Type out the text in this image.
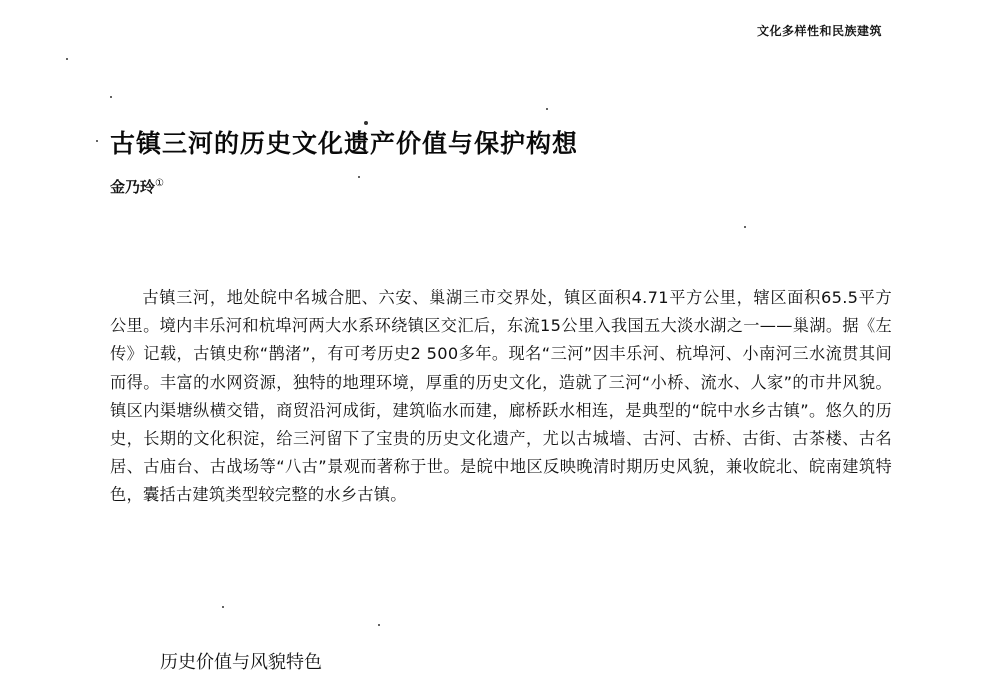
文化多样性和民族建筑
古镇三河的历史文化遗产价值与保护构想
金乃玲①

古镇三河，地处皖中名城合肥、六安、巢湖三市交界处，镇区面积4.71平方公里，辖区面积65.5平方公里。境内丰乐河和杭埠河两大水系环绕镇区交汇后，东流15公里入我国五大淡水湖之一——巢湖。据《左传》记载，古镇史称“鹊渚”，有可考历史2 500多年。现名“三河”因丰乐河、杭埠河、小南河三水流贯其间而得。丰富的水网资源，独特的地理环境，厚重的历史文化，造就了三河“小桥、流水、人家”的市井风貌。镇区内渠塘纵横交错，商贸沿河成街，建筑临水而建，廊桥跃水相连，是典型的“皖中水乡古镇”。悠久的历史，长期的文化积淀，给三河留下了宝贵的历史文化遗产，尤以古城墙、古河、古桥、古街、古茶楼、古名居、古庙台、古战场等“八古”景观而著称于世。是皖中地区反映晚清时期历史风貌，兼收皖北、皖南建筑特色，囊括古建筑类型较完整的水乡古镇。

历史价值与风貌特色
